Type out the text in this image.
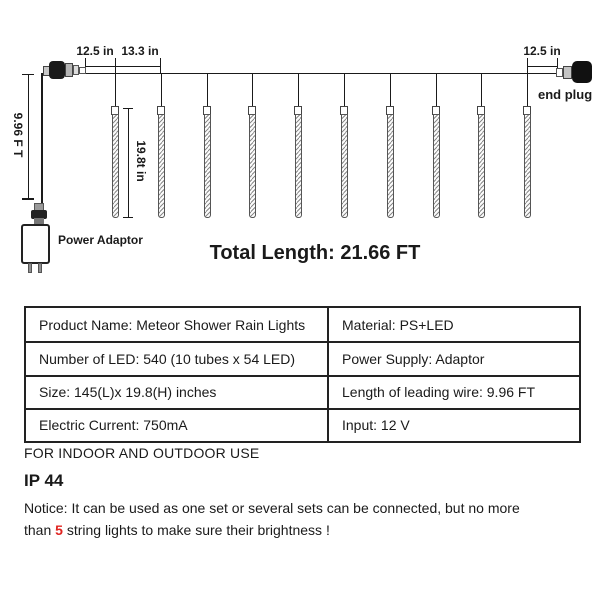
12.5 in 13.3 in	12.5 in
9.96 F T
19.8t in
end plug
Power Adaptor
Total Length: 21.66 FT
Product Name: Meteor Shower Rain Lights	Material: PS+LED
Number of LED: 540 (10 tubes x 54 LED)	Power Supply: Adaptor
Size: 145(L)x 19.8(H) inches	Length of leading wire: 9.96 FT
Electric Current: 750mA	Input: 12 V
FOR INDOOR AND OUTDOOR USE
IP 44
Notice: It can be used as one set or several sets can be connected, but no more
than 5 string lights to make sure their brightness !
